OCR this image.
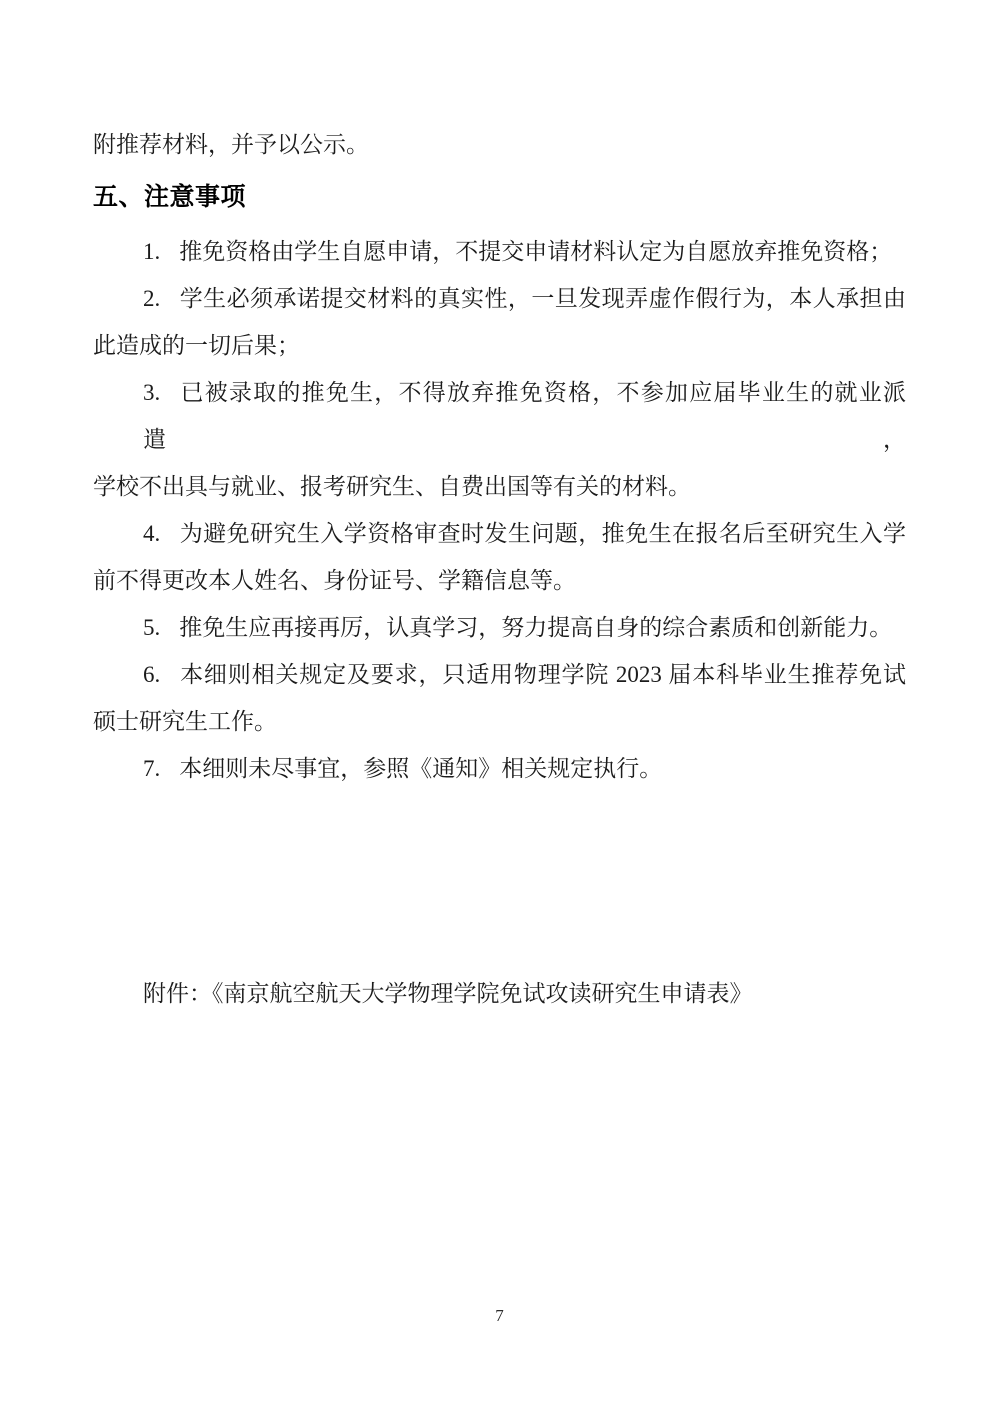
附推荐材料，并予以公示。

五、注意事项
1. 推免资格由学生自愿申请，不提交申请材料认定为自愿放弃推免资格；
2. 学生必须承诺提交材料的真实性，一旦发现弄虚作假行为，本人承担由
此造成的一切后果；
3. 已被录取的推免生，不得放弃推免资格，不参加应届毕业生的就业派遣，
学校不出具与就业、报考研究生、自费出国等有关的材料。
4. 为避免研究生入学资格审查时发生问题，推免生在报名后至研究生入学
前不得更改本人姓名、身份证号、学籍信息等。
5. 推免生应再接再厉，认真学习，努力提高自身的综合素质和创新能力。
6. 本细则相关规定及要求，只适用物理学院 2023 届本科毕业生推荐免试
硕士研究生工作。
7. 本细则未尽事宜，参照《通知》相关规定执行。

附件：《南京航空航天大学物理学院免试攻读研究生申请表》

7
